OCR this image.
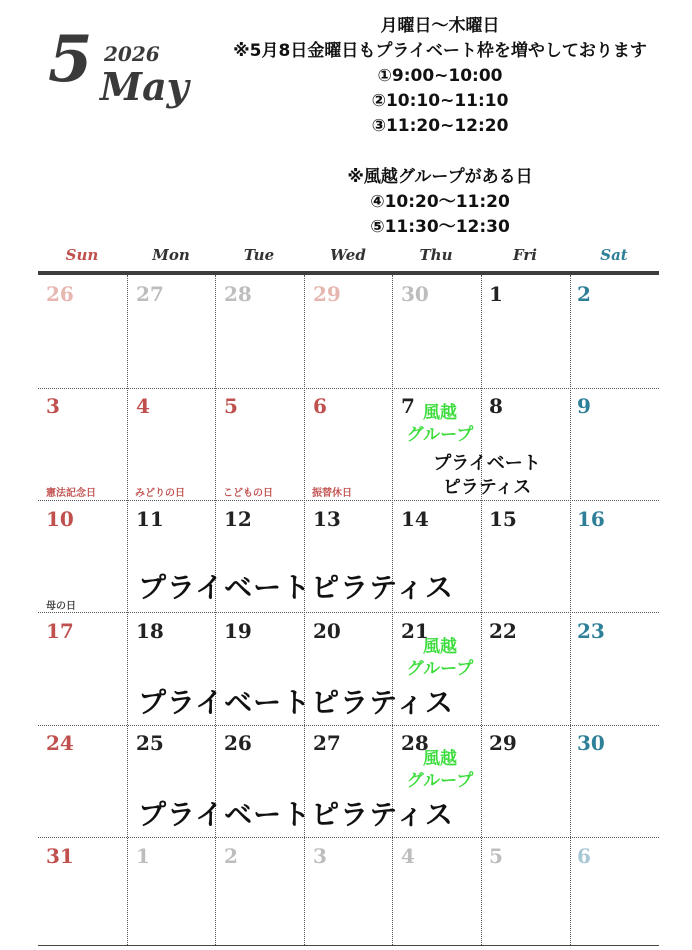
5 2026
May
月曜日〜木曜日
※5月8日金曜日もプライベート枠を増やしております
①9:00~10:00
②10:10~11:10
③11:20~12:20
※風越グループがある日
④10:20〜11:20
⑤11:30〜12:30
Sun	Mon	Tue	Wed	Thu	Fri	Sat
26	27	28	29	30	1	2
3	4	5	6	7	8	9
憲法記念日	みどりの日	こどもの日	振替休日
風越
グループ
プライベート
ピラティス
10	11	12	13	14	15	16
母の日
プライベートピラティス
17	18	19	20	21	22	23
風越
グループ
プライベートピラティス
24	25	26	27	28	29	30
風越
グループ
プライベートピラティス
31	1	2	3	4	5	6
